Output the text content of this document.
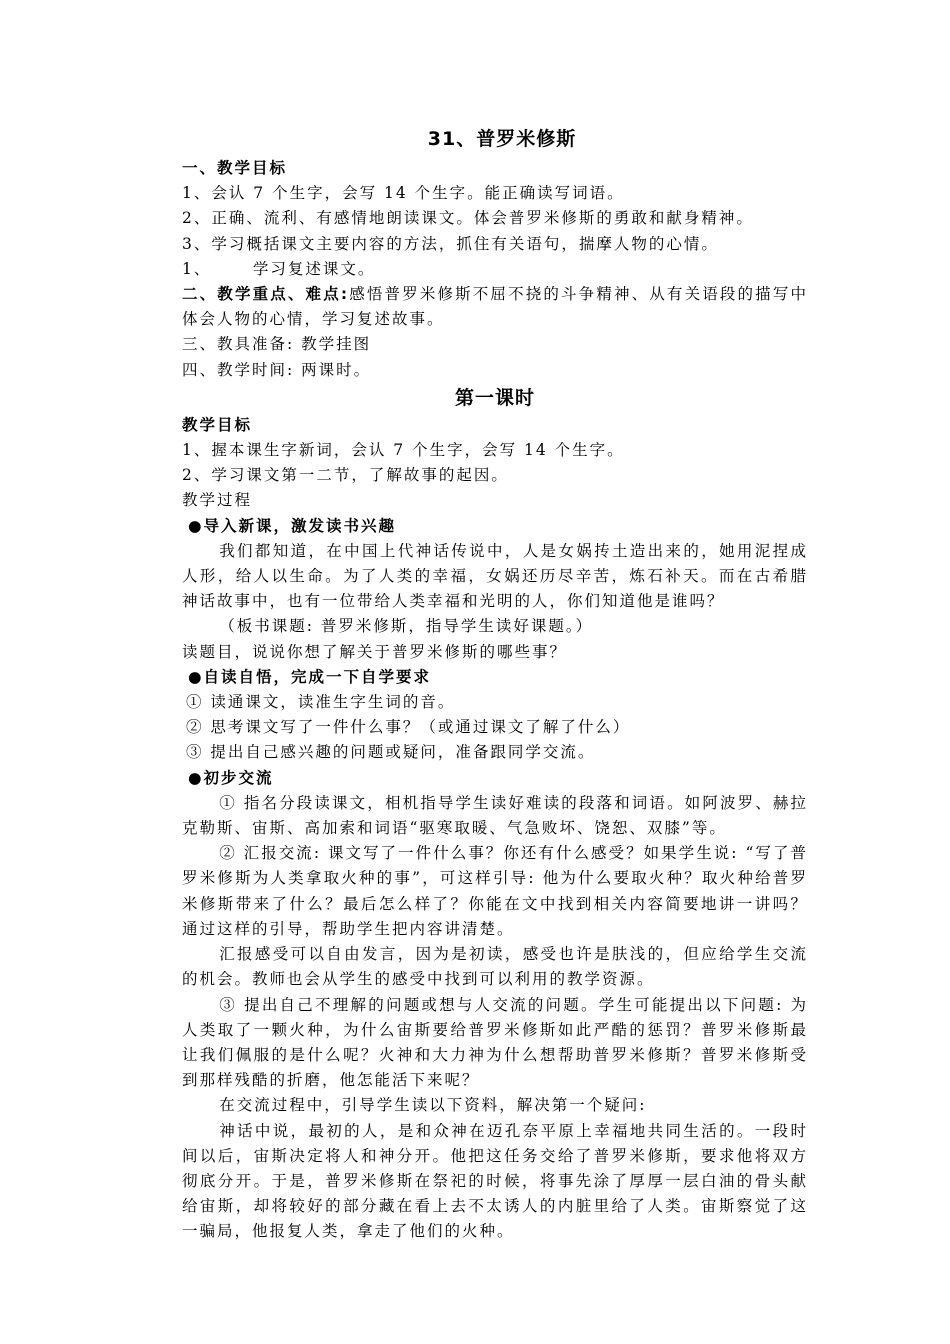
31、普罗米修斯
一、教学目标
1、会认 7 个生字，会写 14 个生字。能正确读写词语。
2、正确、流利、有感情地朗读课文。体会普罗米修斯的勇敢和献身精神。
3、学习概括课文主要内容的方法，抓住有关语句，揣摩人物的心情。
1、      学习复述课文。
二、教学重点、难点:感悟普罗米修斯不屈不挠的斗争精神、从有关语段的描写中体会人物的心情，学习复述故事。
三、教具准备: 教学挂图
四、教学时间: 两课时。
第一课时
教学目标
1、握本课生字新词，会认 7 个生字，会写 14 个生字。
2、学习课文第一二节，了解故事的起因。
教学过程
●导入新课，激发读书兴趣
我们都知道，在中国上代神话传说中，人是女娲抟土造出来的，她用泥捏成人形，给人以生命。为了人类的幸福，女娲还历尽辛苦，炼石补天。而在古希腊神话故事中，也有一位带给人类幸福和光明的人，你们知道他是谁吗？
（板书课题: 普罗米修斯，指导学生读好课题。）
读题目，说说你想了解关于普罗米修斯的哪些事？
●自读自悟，完成一下自学要求
① 读通课文，读准生字生词的音。
② 思考课文写了一件什么事？（或通过课文了解了什么）
③ 提出自己感兴趣的问题或疑问，准备跟同学交流。
●初步交流
① 指名分段读课文，相机指导学生读好难读的段落和词语。如阿波罗、赫拉克勒斯、宙斯、高加索和词语“驱寒取暖、气急败坏、饶恕、双膝”等。
② 汇报交流: 课文写了一件什么事？你还有什么感受？如果学生说: “写了普罗米修斯为人类拿取火种的事”，可这样引导: 他为什么要取火种？取火种给普罗米修斯带来了什么？最后怎么样了？你能在文中找到相关内容简要地讲一讲吗？通过这样的引导，帮助学生把内容讲清楚。
汇报感受可以自由发言，因为是初读，感受也许是肤浅的，但应给学生交流的机会。教师也会从学生的感受中找到可以利用的教学资源。
③ 提出自己不理解的问题或想与人交流的问题。学生可能提出以下问题: 为人类取了一颗火种，为什么宙斯要给普罗米修斯如此严酷的惩罚？普罗米修斯最让我们佩服的是什么呢？火神和大力神为什么想帮助普罗米修斯？普罗米修斯受到那样残酷的折磨，他怎能活下来呢？
在交流过程中，引导学生读以下资料，解决第一个疑问:
神话中说，最初的人，是和众神在迈孔奈平原上幸福地共同生活的。一段时间以后，宙斯决定将人和神分开。他把这任务交给了普罗米修斯，要求他将双方彻底分开。于是，普罗米修斯在祭祀的时候，将事先涂了厚厚一层白油的骨头献给宙斯，却将较好的部分藏在看上去不太诱人的内脏里给了人类。宙斯察觉了这一骗局，他报复人类，拿走了他们的火种。
